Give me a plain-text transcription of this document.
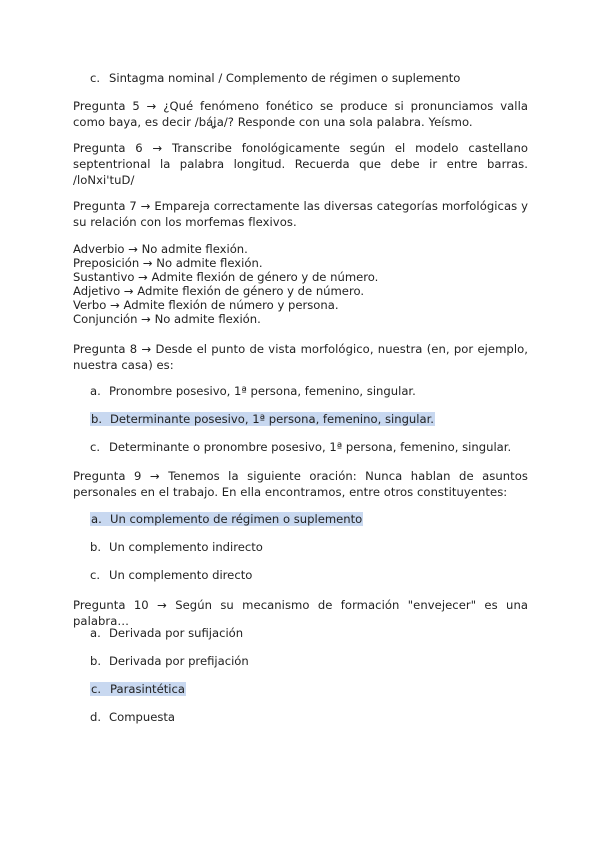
c. Sintagma nominal / Complemento de régimen o suplemento
Pregunta 5 → ¿Qué fenómeno fonético se produce si pronunciamos valla como baya, es decir /báʝa/? Responde con una sola palabra. Yeísmo.
Pregunta 6 → Transcribe fonológicamente según el modelo castellano septentrional la palabra longitud. Recuerda que debe ir entre barras. /loNxi'tuD/
Pregunta 7 → Empareja correctamente las diversas categorías morfológicas y su relación con los morfemas flexivos.
Adverbio → No admite flexión.
Preposición → No admite flexión.
Sustantivo → Admite flexión de género y de número.
Adjetivo → Admite flexión de género y de número.
Verbo → Admite flexión de número y persona.
Conjunción → No admite flexión.
Pregunta 8 → Desde el punto de vista morfológico, nuestra (en, por ejemplo, nuestra casa) es:
a. Pronombre posesivo, 1ª persona, femenino, singular.
b. Determinante posesivo, 1ª persona, femenino, singular.
c. Determinante o pronombre posesivo, 1ª persona, femenino, singular.
Pregunta 9 → Tenemos la siguiente oración: Nunca hablan de asuntos personales en el trabajo. En ella encontramos, entre otros constituyentes:
a. Un complemento de régimen o suplemento
b. Un complemento indirecto
c. Un complemento directo
Pregunta 10 → Según su mecanismo de formación "envejecer" es una palabra…
a. Derivada por sufijación
b. Derivada por prefijación
c. Parasintética
d. Compuesta
